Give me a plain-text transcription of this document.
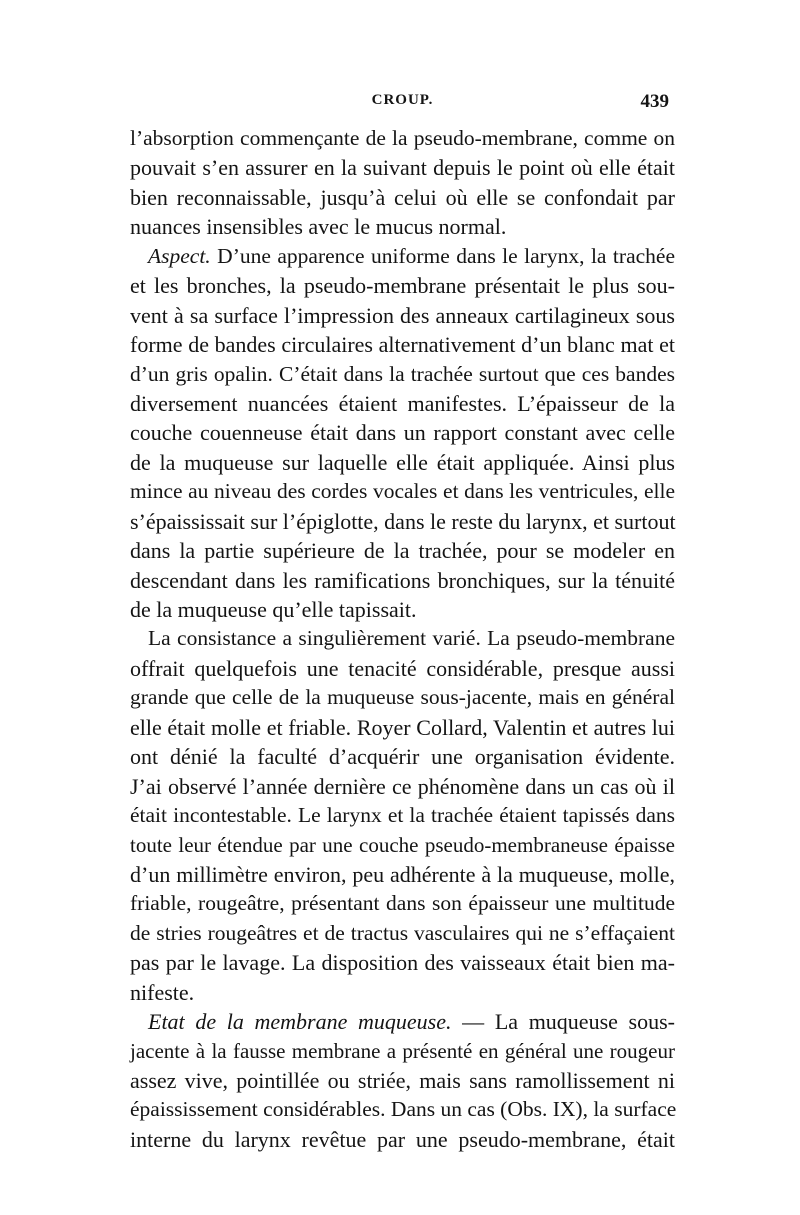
CROUP.	439
l’absorption commençante de la pseudo-membrane, comme on
pouvait s’en assurer en la suivant depuis le point où elle était
bien reconnaissable, jusqu’à celui où elle se confondait par
nuances insensibles avec le mucus normal.
Aspect. D’une apparence uniforme dans le larynx, la trachée
et les bronches, la pseudo-membrane présentait le plus sou-
vent à sa surface l’impression des anneaux cartilagineux sous
forme de bandes circulaires alternativement d’un blanc mat et
d’un gris opalin. C’était dans la trachée surtout que ces bandes
diversement nuancées étaient manifestes. L’épaisseur de la
couche couenneuse était dans un rapport constant avec celle
de la muqueuse sur laquelle elle était appliquée. Ainsi plus
mince au niveau des cordes vocales et dans les ventricules, elle
s’épaississait sur l’épiglotte, dans le reste du larynx, et surtout
dans la partie supérieure de la trachée, pour se modeler en
descendant dans les ramifications bronchiques, sur la ténuité
de la muqueuse qu’elle tapissait.
La consistance a singulièrement varié. La pseudo-membrane
offrait quelquefois une tenacité considérable, presque aussi
grande que celle de la muqueuse sous-jacente, mais en général
elle était molle et friable. Royer Collard, Valentin et autres lui
ont dénié la faculté d’acquérir une organisation évidente.
J’ai observé l’année dernière ce phénomène dans un cas où il
était incontestable. Le larynx et la trachée étaient tapissés dans
toute leur étendue par une couche pseudo-membraneuse épaisse
d’un millimètre environ, peu adhérente à la muqueuse, molle,
friable, rougeâtre, présentant dans son épaisseur une multitude
de stries rougeâtres et de tractus vasculaires qui ne s’effaçaient
pas par le lavage. La disposition des vaisseaux était bien ma-
nifeste.
Etat de la membrane muqueuse. — La muqueuse sous-
jacente à la fausse membrane a présenté en général une rougeur
assez vive, pointillée ou striée, mais sans ramollissement ni
épaississement considérables. Dans un cas (Obs. IX), la surface
interne du larynx revêtue par une pseudo-membrane, était
